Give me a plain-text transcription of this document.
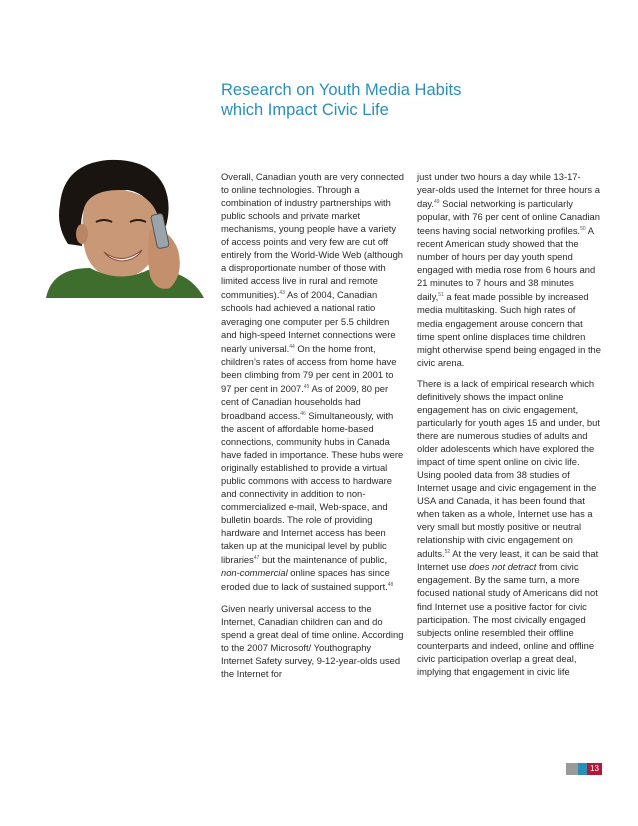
Research on Youth Media Habits
which Impact Civic Life

Overall, Canadian youth are very connected to online technologies. Through a combination of industry partnerships with public schools and private market mechanisms, young people have a variety of access points and very few are cut off entirely from the World-Wide Web (although a disproportionate number of those with limited access live in rural and remote communities).$^{43}$ As of 2004, Canadian schools had achieved a national ratio averaging one computer per 5.5 children and high-speed Internet connections were nearly universal.$^{44}$ On the home front, children’s rates of access from home have been climbing from 79 per cent in 2001 to 97 per cent in 2007.45 As of 2009, 80 per cent of Canadian households had broadband access.$^{46}$ Simultaneously, with the ascent of affordable home-based connections, community hubs in Canada have faded in importance. These hubs were originally established to provide a virtual public commons with access to hardware and connectivity in addition to non-commercialized e-mail, Web-space, and bulletin boards. The role of providing hardware and Internet access has been taken up at the municipal level by public libraries$^{47}$ but the maintenance of public, non-commercial online spaces has since eroded due to lack of sustained support.$^{48}$

Given nearly universal access to the Internet, Canadian children can and do spend a great deal of time online. According to the 2007 Microsoft/ Youthography Internet Safety survey, 9-12-year-olds used the Internet for

just under two hours a day while 13-17-year-olds used the Internet for three hours a day.$^{49}$ Social networking is particularly popular, with 76 per cent of online Canadian teens having social networking profiles.$^{50}$ A recent American study showed that the number of hours per day youth spend engaged with media rose from 6 hours and 21 minutes to 7 hours and 38 minutes daily,$^{51}$ a feat made possible by increased media multitasking. Such high rates of media engagement arouse concern that time spent online displaces time children might otherwise spend being engaged in the civic arena.

There is a lack of empirical research which definitively shows the impact online engagement has on civic engagement, particularly for youth ages 15 and under, but there are numerous studies of adults and older adolescents which have explored the impact of time spent online on civic life. Using pooled data from 38 studies of Internet usage and civic engagement in the USA and Canada, it has been found that when taken as a whole, Internet use has a very small but mostly positive or neutral relationship with civic engagement on adults.$^{52}$ At the very least, it can be said that Internet use does not detract from civic engagement. By the same turn, a more focused national study of Americans did not find Internet use a positive factor for civic participation. The most civically engaged subjects online resembled their offline counterparts and indeed, online and offline civic participation overlap a great deal, implying that engagement in civic life

13
